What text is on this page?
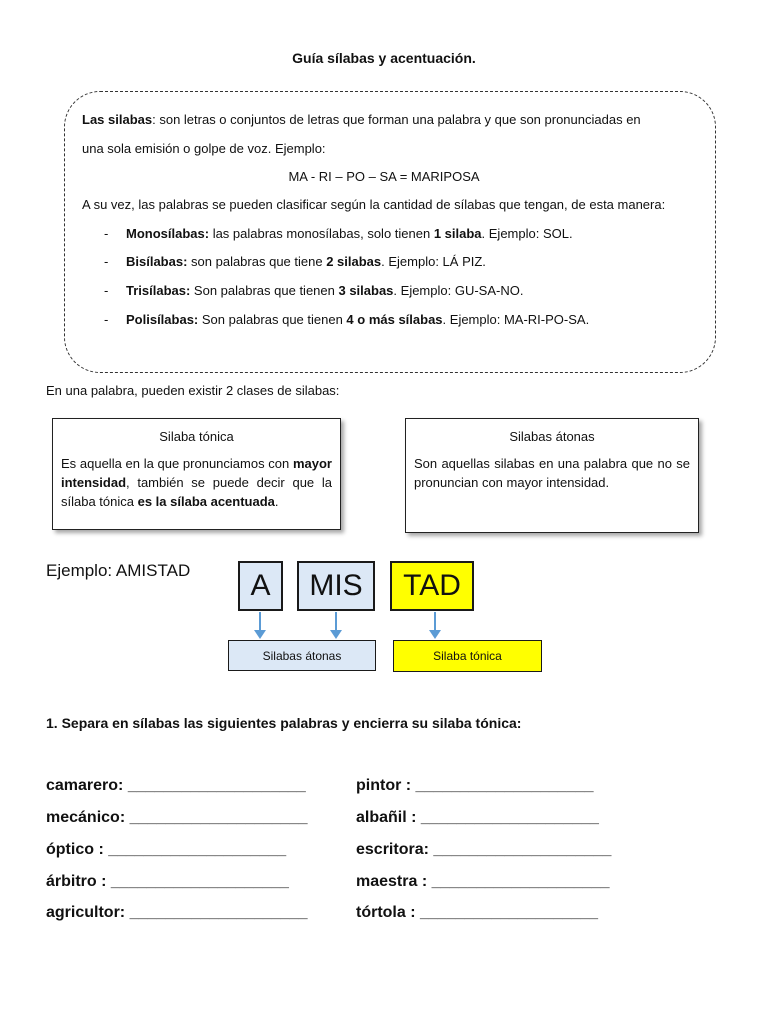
Guía sílabas y acentuación.
Las silabas: son letras o conjuntos de letras que forman una palabra y que son pronunciadas en
una sola emisión o golpe de voz. Ejemplo:
MA - RI – PO – SA = MARIPOSA
A su vez, las palabras se pueden clasificar según la cantidad de sílabas que tengan, de esta manera:
- Monosílabas: las palabras monosílabas, solo tienen 1 silaba. Ejemplo: SOL.
- Bisílabas: son palabras que tiene 2 silabas. Ejemplo: LÁ PIZ.
- Trisílabas: Son palabras que tienen 3 silabas. Ejemplo: GU-SA-NO.
- Polisílabas: Son palabras que tienen 4 o más sílabas. Ejemplo: MA-RI-PO-SA.
En una palabra, pueden existir 2 clases de silabas:
Silaba tónica
Es aquella en la que pronunciamos con mayor intensidad, también se puede decir que la sílaba tónica es la sílaba acentuada.
Silabas átonas
Son aquellas silabas en una palabra que no se pronuncian con mayor intensidad.
Ejemplo: AMISTAD	A	MIS	TAD
Silabas átonas	Silaba tónica
1. Separa en sílabas las siguientes palabras y encierra su silaba tónica:
camarero: ____________________
mecánico: ____________________
óptico : ____________________
árbitro : ____________________
agricultor: ____________________
pintor : ____________________
albañil : ____________________
escritora: ____________________
maestra : ____________________
tórtola : ____________________
